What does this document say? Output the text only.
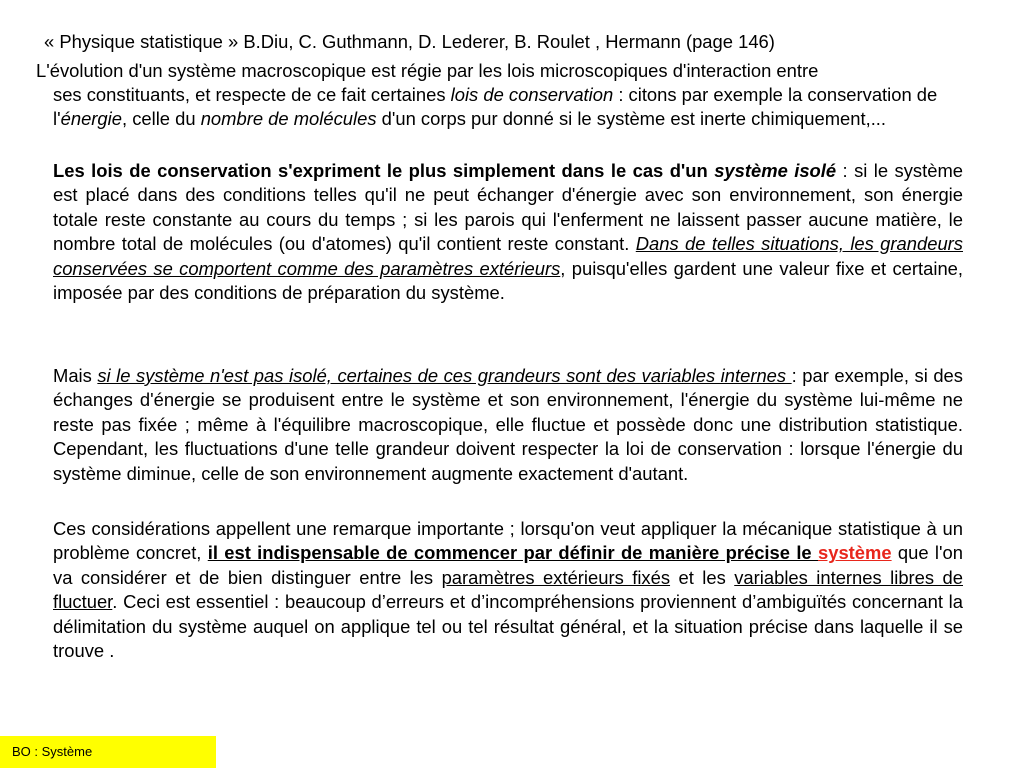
« Physique statistique » B.Diu, C. Guthmann, D. Lederer, B. Roulet , Hermann (page 146)
L'évolution d'un système macroscopique est régie par les lois microscopiques d'interaction entre
ses constituants, et respecte de ce fait certaines lois de conservation : citons par exemple la conservation de l'énergie, celle du nombre de molécules d'un corps pur donné si le système est inerte chimiquement,...
Les lois de conservation s'expriment le plus simplement dans le cas d'un système isolé : si le système est placé dans des conditions telles qu'il ne peut échanger d'énergie avec son environnement, son énergie totale reste constante au cours du temps ; si les parois qui l'enferment ne laissent passer aucune matière, le nombre total de molécules (ou d'atomes) qu'il contient reste constant. Dans de telles situations, les grandeurs conservées se comportent comme des paramètres extérieurs, puisqu'elles gardent une valeur fixe et certaine, imposée par des conditions de préparation du système.
Mais si le système n'est pas isolé, certaines de ces grandeurs sont des variables internes : par exemple, si des échanges d'énergie se produisent entre le système et son environnement, l'énergie du système lui-même ne reste pas fixée ; même à l'équilibre macroscopique, elle fluctue et possède donc une distribution statistique. Cependant, les fluctuations d'une telle grandeur doivent respecter la loi de conservation : lorsque l'énergie du système diminue, celle de son environnement augmente exactement d'autant.
Ces considérations appellent une remarque importante ; lorsqu'on veut appliquer la mécanique statistique à un problème concret, il est indispensable de commencer par définir de manière précise le système que l'on va considérer et de bien distinguer entre les paramètres extérieurs fixés et les variables internes libres de fluctuer. Ceci est essentiel : beaucoup d’erreurs et d’incompréhensions proviennent d’ambiguïtés concernant la délimitation du système auquel on applique tel ou tel résultat général, et la situation précise dans laquelle il se trouve .
BO : Système
